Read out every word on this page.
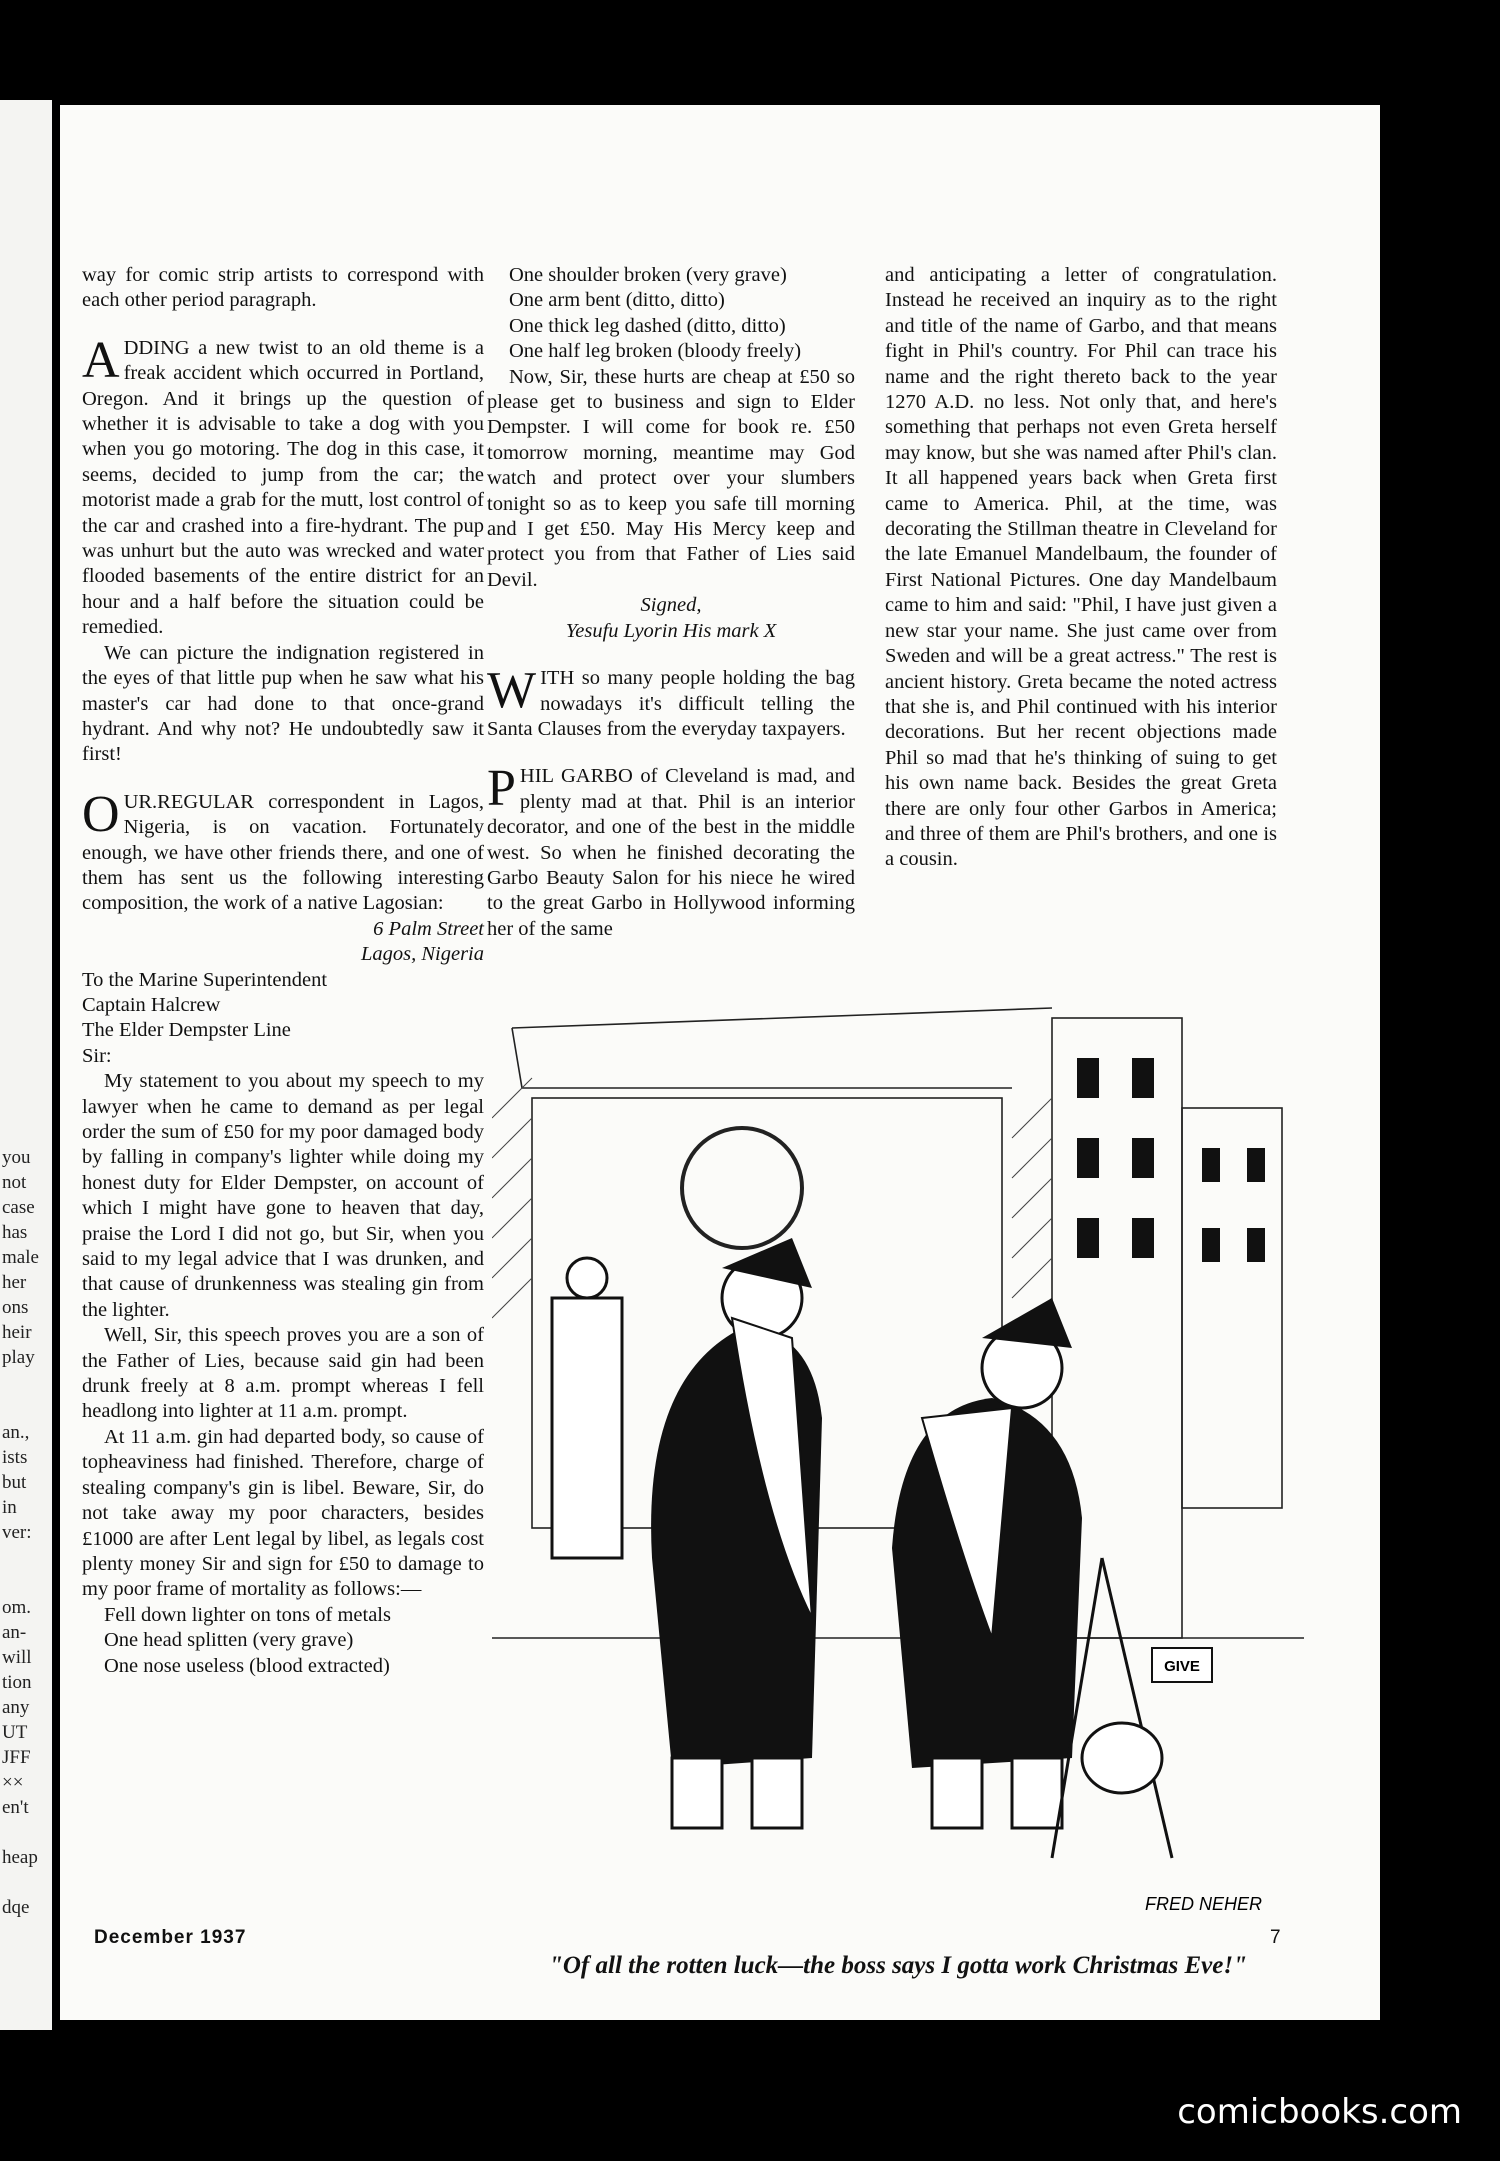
you
not
case
has
male
her
ons
heir
play
an.,
ists
but
in
ver:
om.
an-
will
tion
any
UT
JFF
××
en't
heap
dqe

way for comic strip artists to correspond with each other period paragraph.

ADDING a new twist to an old theme is a freak accident which occurred in Portland, Oregon. And it brings up the question of whether it is advisable to take a dog with you when you go motoring. The dog in this case, it seems, decided to jump from the car; the motorist made a grab for the mutt, lost control of the car and crashed into a fire-hydrant. The pup was unhurt but the auto was wrecked and water flooded basements of the entire district for an hour and a half before the situation could be remedied.

We can picture the indignation registered in the eyes of that little pup when he saw what his master's car had done to that once-grand hydrant. And why not? He undoubtedly saw it first!

OUR.REGULAR correspondent in Lagos, Nigeria, is on vacation. Fortunately enough, we have other friends there, and one of them has sent us the following interesting composition, the work of a native Lagosian:

6 Palm Street

Lagos, Nigeria

To the Marine Superintendent

Captain Halcrew

The Elder Dempster Line

Sir:

My statement to you about my speech to my lawyer when he came to demand as per legal order the sum of £50 for my poor damaged body by falling in company's lighter while doing my honest duty for Elder Dempster, on account of which I might have gone to heaven that day, praise the Lord I did not go, but Sir, when you said to my legal advice that I was drunken, and that cause of drunkenness was stealing gin from the lighter.

Well, Sir, this speech proves you are a son of the Father of Lies, because said gin had been drunk freely at 8 a.m. prompt whereas I fell headlong into lighter at 11 a.m. prompt.

At 11 a.m. gin had departed body, so cause of topheaviness had finished. Therefore, charge of stealing company's gin is libel. Beware, Sir, do not take away my poor characters, besides £1000 are after Lent legal by libel, as legals cost plenty money Sir and sign for £50 to damage to my poor frame of mortality as follows:—

Fell down lighter on tons of metals

One head splitten (very grave)

One nose useless (blood extracted)

One shoulder broken (very grave)

One arm bent (ditto, ditto)

One thick leg dashed (ditto, ditto)

One half leg broken (bloody freely)

Now, Sir, these hurts are cheap at £50 so please get to business and sign to Elder Dempster. I will come for book re. £50 tomorrow morning, meantime may God watch and protect over your slumbers tonight so as to keep you safe till morning and I get £50. May His Mercy keep and protect you from that Father of Lies said Devil.

Signed,

Yesufu Lyorin His mark X

WITH so many people holding the bag nowadays it's difficult telling the Santa Clauses from the everyday taxpayers.

PHIL GARBO of Cleveland is mad, and plenty mad at that. Phil is an interior decorator, and one of the best in the middle west. So when he finished decorating the Garbo Beauty Salon for his niece he wired to the great Garbo in Hollywood informing her of the same

and anticipating a letter of congratulation. Instead he received an inquiry as to the right and title of the name of Garbo, and that means fight in Phil's country. For Phil can trace his name and the right thereto back to the year 1270 A.D. no less. Not only that, and here's something that perhaps not even Greta herself may know, but she was named after Phil's clan. It all happened years back when Greta first came to America. Phil, at the time, was decorating the Stillman theatre in Cleveland for the late Emanuel Mandelbaum, the founder of First National Pictures. One day Mandelbaum came to him and said: "Phil, I have just given a new star your name. She just came over from Sweden and will be a great actress." The rest is ancient history. Greta became the noted actress that she is, and Phil continued with his interior decorations. But her recent objections made Phil so mad that he's thinking of suing to get his own name back. Besides the great Greta there are only four other Garbos in America; and three of them are Phil's brothers, and one is a cousin.

GIVE
FRED NEHER
"Of all the rotten luck—the boss says I gotta work Christmas Eve!"
December 1937	7
comicbooks.com
